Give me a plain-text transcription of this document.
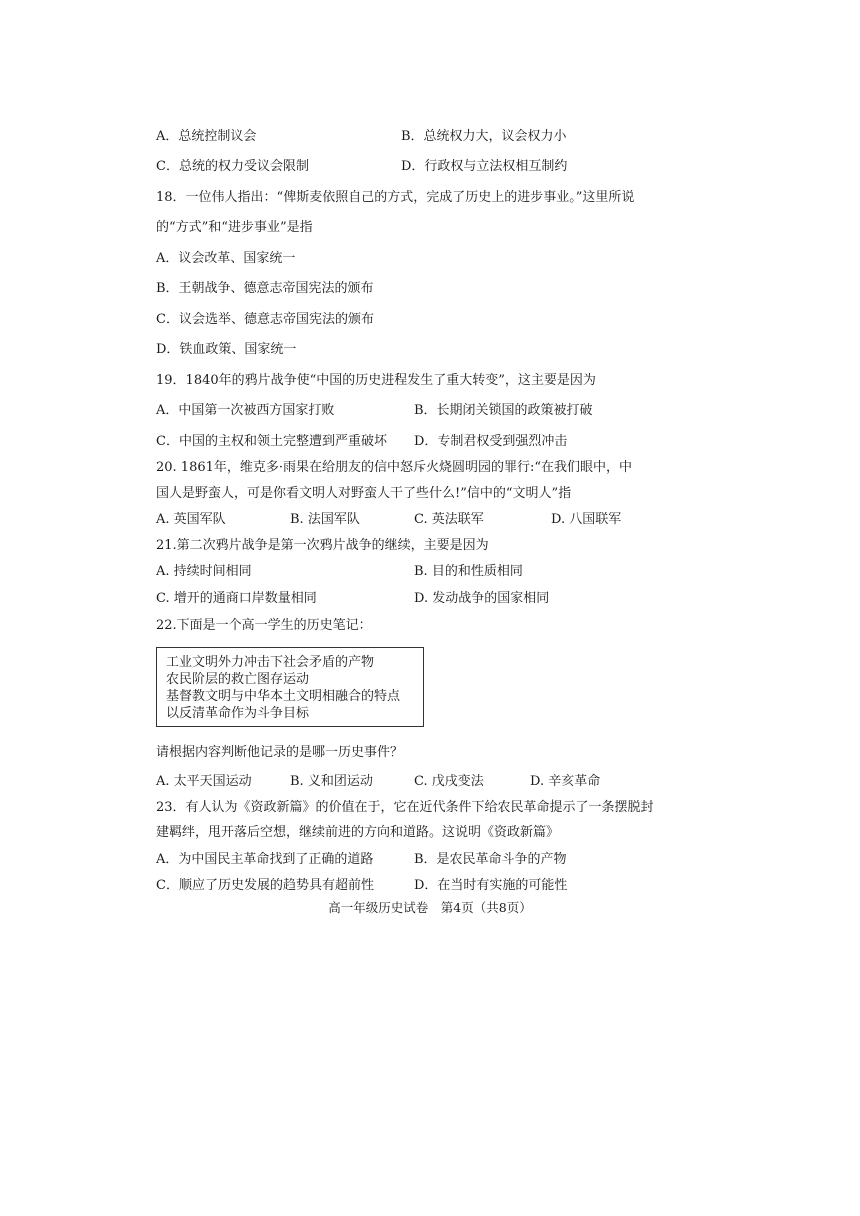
A．总统控制议会	B．总统权力大，议会权力小
C．总统的权力受议会限制	D．行政权与立法权相互制约
18．一位伟人指出：“俾斯麦依照自己的方式，完成了历史上的进步事业。”这里所说
的“方式”和“进步事业”是指
A．议会改革、国家统一
B．王朝战争、德意志帝国宪法的颁布
C．议会选举、德意志帝国宪法的颁布
D．铁血政策、国家统一
19．1840年的鸦片战争使“中国的历史进程发生了重大转变”，这主要是因为
A．中国第一次被西方国家打败	B．长期闭关锁国的政策被打破
C．中国的主权和领土完整遭到严重破坏 D．专制君权受到强烈冲击
20. 1861年，维克多·雨果在给朋友的信中怒斥火烧圆明园的罪行:“在我们眼中，中
国人是野蛮人，可是你看文明人对野蛮人干了些什么!”信中的“文明人”指
A. 英国军队	B. 法国军队	C. 英法联军	D. 八国联军
21.第二次鸦片战争是第一次鸦片战争的继续，主要是因为
A. 持续时间相同	B. 目的和性质相同
C. 增开的通商口岸数量相同	D. 发动战争的国家相同
22.下面是一个高一学生的历史笔记：
工业文明外力冲击下社会矛盾的产物
农民阶层的救亡图存运动
基督教文明与中华本土文明相融合的特点
以反清革命作为斗争目标
请根据内容判断他记录的是哪一历史事件？
A. 太平天国运动	B. 义和团运动	C. 戊戌变法	D. 辛亥革命
23．有人认为《资政新篇》的价值在于，它在近代条件下给农民革命提示了一条摆脱封
建羁绊，甩开落后空想，继续前进的方向和道路。这说明《资政新篇》
A．为中国民主革命找到了正确的道路	B．是农民革命斗争的产物
C．顺应了历史发展的趋势具有超前性	D．在当时有实施的可能性
高一年级历史试卷　第4页（共8页）
